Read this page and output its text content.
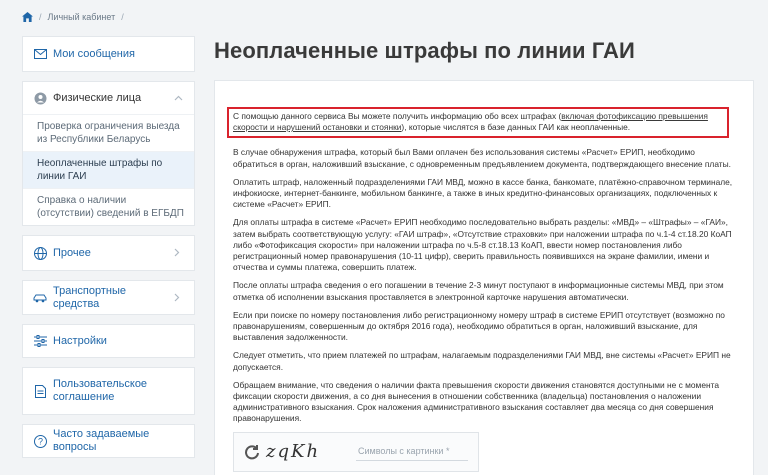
/ Личный кабинет /
Мои сообщения
Физические лица
Проверка ограничения выезда из Республики Беларусь
Неоплаченные штрафы по линии ГАИ
Справка о наличии (отсутствии) сведений в ЕГБДП
Прочее
Транспортные средства
Настройки
Пользовательское соглашение
?
Часто задаваемые вопросы
Неоплаченные штрафы по линии ГАИ

С помощью данного сервиса Вы можете получить информацию обо всех штрафах (включая фотофиксацию превышения скорости и нарушений остановки и стоянки), которые числятся в базе данных ГАИ как неоплаченные.

В случае обнаружения штрафа, который был Вами оплачен без использования системы «Расчет» ЕРИП, необходимо обратиться в орган, наложивший взыскание, с одновременным предъявлением документа, подтверждающего внесение платы.

Оплатить штраф, наложенный подразделениями ГАИ МВД, можно в кассе банка, банкомате, платёжно-справочном терминале, инфокиоске, интернет-банкинге, мобильном банкинге, а также в иных кредитно-финансовых организациях, подключенных к системе «Расчет» ЕРИП.

Для оплаты штрафа в системе «Расчет» ЕРИП необходимо последовательно выбрать разделы: «МВД» – «Штрафы» – «ГАИ», затем выбрать соответствующую услугу: «ГАИ штраф», «Отсутствие страховки» при наложении штрафа по ч.1-4 ст.18.20 КоАП либо «Фотофиксация скорости» при наложении штрафа по ч.5-8 ст.18.13 КоАП, ввести номер постановления либо регистрационный номер правонарушения (10-11 цифр), сверить правильность появившихся на экране фамилии, имени и отчества и суммы платежа, совершить платеж.

После оплаты штрафа сведения о его погашении в течение 2-3 минут поступают в информационные системы МВД, при этом отметка об исполнении взыскания проставляется в электронной карточке нарушения автоматически.

Если при поиске по номеру постановления либо регистрационному номеру штраф в системе ЕРИП отсутствует (возможно по правонарушениям, совершенным до октября 2016 года), необходимо обратиться в орган, наложивший взыскание, для выставления задолженности.

Следует отметить, что прием платежей по штрафам, налагаемым подразделениями ГАИ МВД, вне системы «Расчет» ЕРИП не допускается.

Обращаем внимание, что сведения о наличии факта превышения скорости движения становятся доступными не с момента фиксации скорости движения, а со дня вынесения в отношении собственника (владельца) постановления о наложении административного взыскания. Срок наложения административного взыскания составляет два месяца со дня совершения правонарушения.

zqKh	Символы с картинки *
